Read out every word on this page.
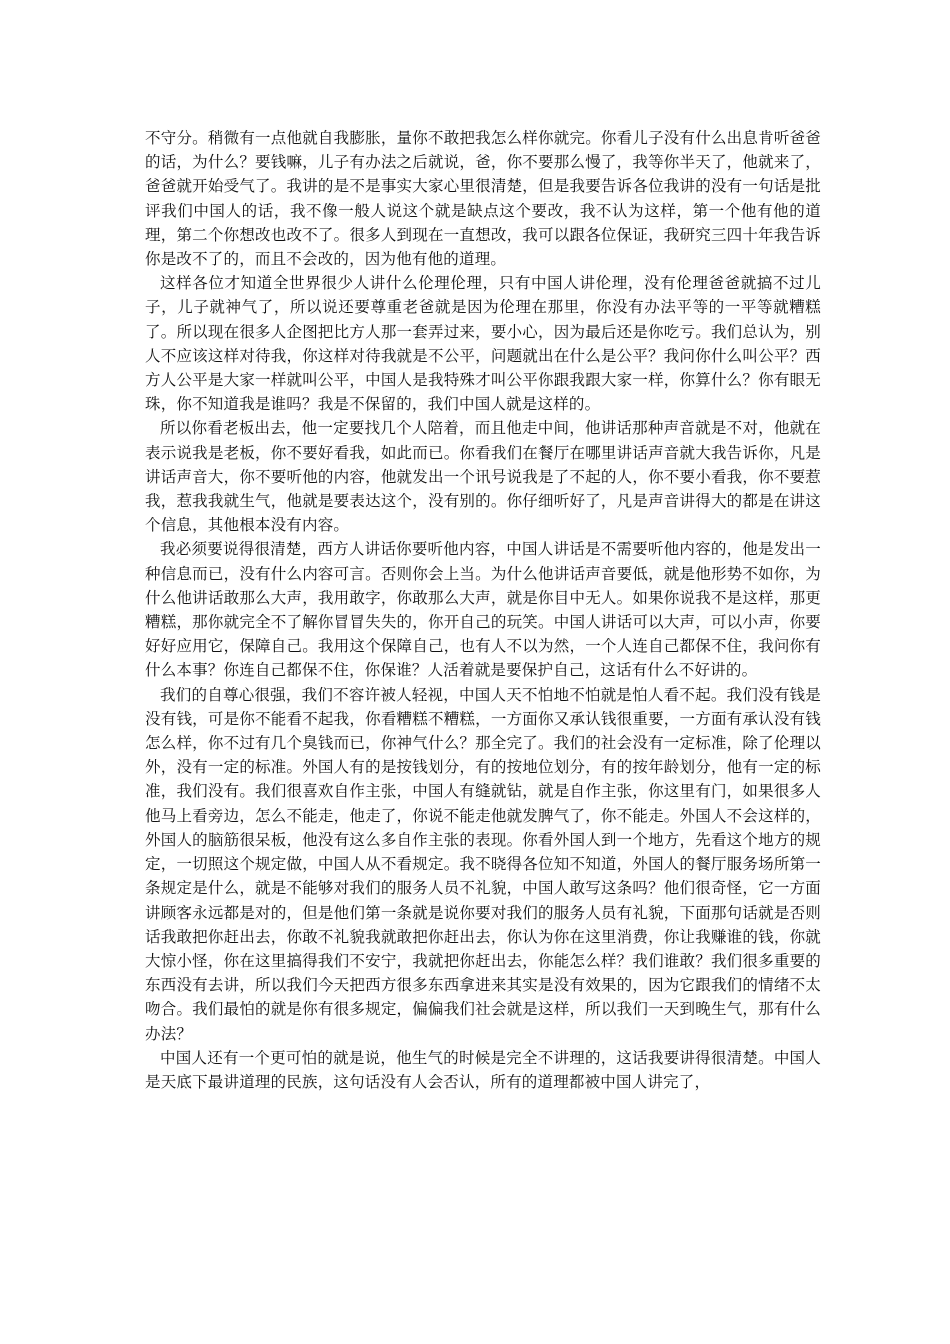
不守分。稍微有一点他就自我膨胀，量你不敢把我怎么样你就完。你看儿子没有什么出息肯听爸爸的话，为什么？要钱嘛，儿子有办法之后就说，爸，你不要那么慢了，我等你半天了，他就来了，爸爸就开始受气了。我讲的是不是事实大家心里很清楚，但是我要告诉各位我讲的没有一句话是批评我们中国人的话，我不像一般人说这个就是缺点这个要改，我不认为这样，第一个他有他的道理，第二个你想改也改不了。很多人到现在一直想改，我可以跟各位保证，我研究三四十年我告诉你是改不了的，而且不会改的，因为他有他的道理。

这样各位才知道全世界很少人讲什么伦理伦理，只有中国人讲伦理，没有伦理爸爸就搞不过儿子，儿子就神气了，所以说还要尊重老爸就是因为伦理在那里，你没有办法平等的一平等就糟糕了。所以现在很多人企图把比方人那一套弄过来，要小心，因为最后还是你吃亏。我们总认为，别人不应该这样对待我，你这样对待我就是不公平，问题就出在什么是公平？我问你什么叫公平？西方人公平是大家一样就叫公平，中国人是我特殊才叫公平你跟我跟大家一样，你算什么？你有眼无珠，你不知道我是谁吗？我是不保留的，我们中国人就是这样的。

所以你看老板出去，他一定要找几个人陪着，而且他走中间，他讲话那种声音就是不对，他就在表示说我是老板，你不要好看我，如此而已。你看我们在餐厅在哪里讲话声音就大我告诉你，凡是讲话声音大，你不要听他的内容，他就发出一个讯号说我是了不起的人，你不要小看我，你不要惹我，惹我我就生气，他就是要表达这个，没有别的。你仔细听好了，凡是声音讲得大的都是在讲这个信息，其他根本没有内容。

我必须要说得很清楚，西方人讲话你要听他内容，中国人讲话是不需要听他内容的，他是发出一种信息而已，没有什么内容可言。否则你会上当。为什么他讲话声音要低，就是他形势不如你，为什么他讲话敢那么大声，我用敢字，你敢那么大声，就是你目中无人。如果你说我不是这样，那更糟糕，那你就完全不了解你冒冒失失的，你开自己的玩笑。中国人讲话可以大声，可以小声，你要好好应用它，保障自己。我用这个保障自己，也有人不以为然，一个人连自己都保不住，我问你有什么本事？你连自己都保不住，你保谁？人活着就是要保护自己，这话有什么不好讲的。

我们的自尊心很强，我们不容许被人轻视，中国人天不怕地不怕就是怕人看不起。我们没有钱是没有钱，可是你不能看不起我，你看糟糕不糟糕，一方面你又承认钱很重要，一方面有承认没有钱怎么样，你不过有几个臭钱而已，你神气什么？那全完了。我们的社会没有一定标准，除了伦理以外，没有一定的标准。外国人有的是按钱划分，有的按地位划分，有的按年龄划分，他有一定的标准，我们没有。我们很喜欢自作主张，中国人有缝就钻，就是自作主张，你这里有门，如果很多人他马上看旁边，怎么不能走，他走了，你说不能走他就发脾气了，你不能走。外国人不会这样的，外国人的脑筋很呆板，他没有这么多自作主张的表现。你看外国人到一个地方，先看这个地方的规定，一切照这个规定做，中国人从不看规定。我不晓得各位知不知道，外国人的餐厅服务场所第一条规定是什么，就是不能够对我们的服务人员不礼貌，中国人敢写这条吗？他们很奇怪，它一方面讲顾客永远都是对的，但是他们第一条就是说你要对我们的服务人员有礼貌，下面那句话就是否则话我敢把你赶出去，你敢不礼貌我就敢把你赶出去，你认为你在这里消费，你让我赚谁的钱，你就大惊小怪，你在这里搞得我们不安宁，我就把你赶出去，你能怎么样？我们谁敢？我们很多重要的东西没有去讲，所以我们今天把西方很多东西拿进来其实是没有效果的，因为它跟我们的情绪不太吻合。我们最怕的就是你有很多规定，偏偏我们社会就是这样，所以我们一天到晚生气，那有什么办法？

中国人还有一个更可怕的就是说，他生气的时候是完全不讲理的，这话我要讲得很清楚。中国人是天底下最讲道理的民族，这句话没有人会否认，所有的道理都被中国人讲完了，
